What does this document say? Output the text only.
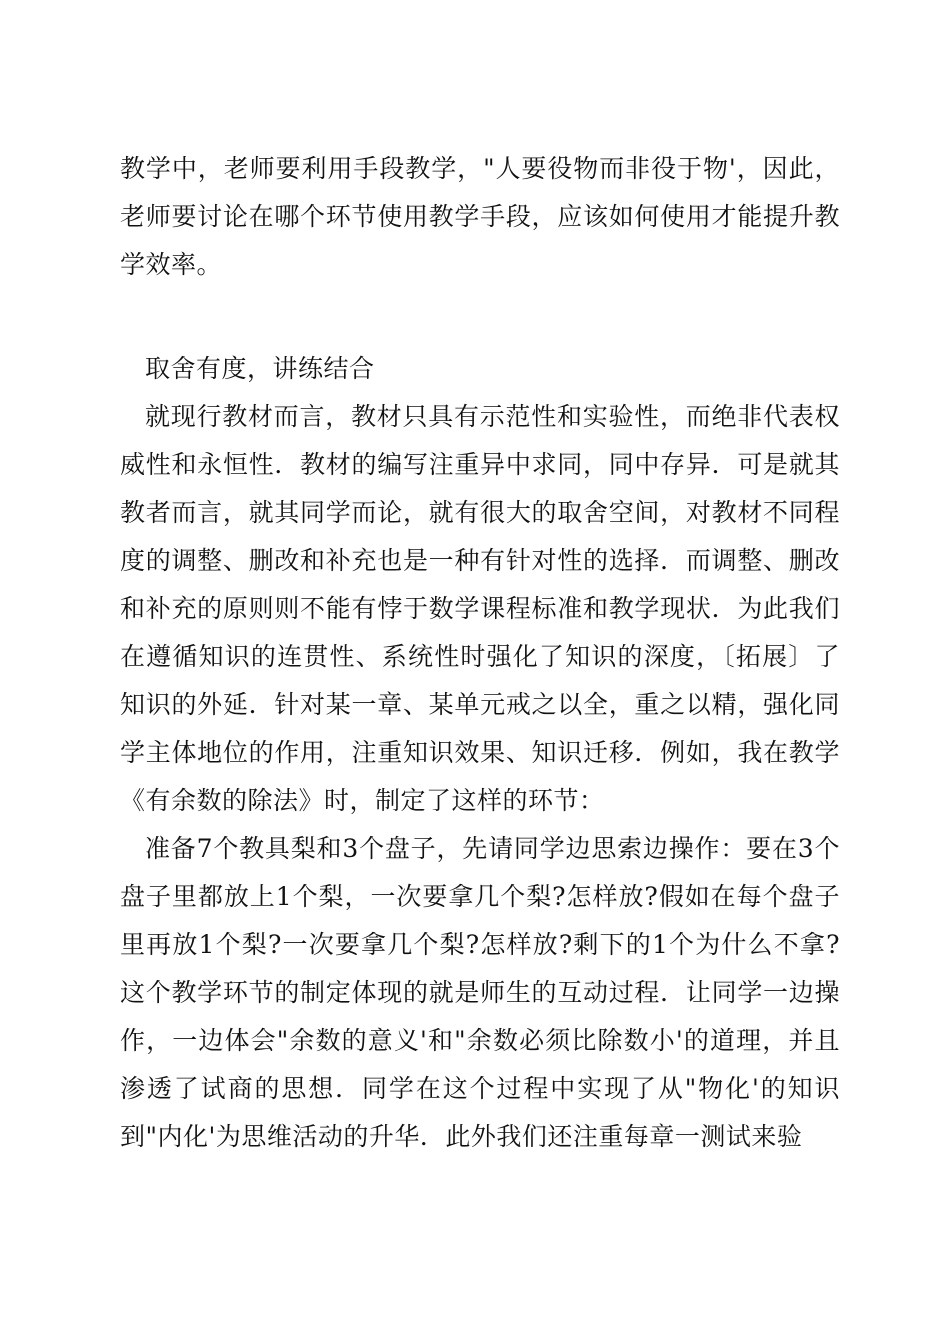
教学中，老师要利用手段教学，"人要役物而非役于物'，因此，老师要讨论在哪个环节使用教学手段，应该如何使用才能提升教学效率。

取舍有度，讲练结合

就现行教材而言，教材只具有示范性和实验性，而绝非代表权威性和永恒性．教材的编写注重异中求同，同中存异．可是就其教者而言，就其同学而论，就有很大的取舍空间，对教材不同程度的调整、删改和补充也是一种有针对性的选择．而调整、删改和补充的原则则不能有悖于数学课程标准和教学现状．为此我们在遵循知识的连贯性、系统性时强化了知识的深度，〔拓展〕了知识的外延．针对某一章、某单元戒之以全，重之以精，强化同学主体地位的作用，注重知识效果、知识迁移．例如，我在教学《有余数的除法》时，制定了这样的环节：

准备7个教具梨和3个盘子，先请同学边思索边操作：要在3个盘子里都放上1个梨，一次要拿几个梨?怎样放?假如在每个盘子里再放1个梨?一次要拿几个梨?怎样放?剩下的1个为什么不拿?这个教学环节的制定体现的就是师生的互动过程．让同学一边操作，一边体会"余数的意义'和"余数必须比除数小'的道理，并且渗透了试商的思想．同学在这个过程中实现了从"物化'的知识到"内化'为思维活动的升华．此外我们还注重每章一测试来验
